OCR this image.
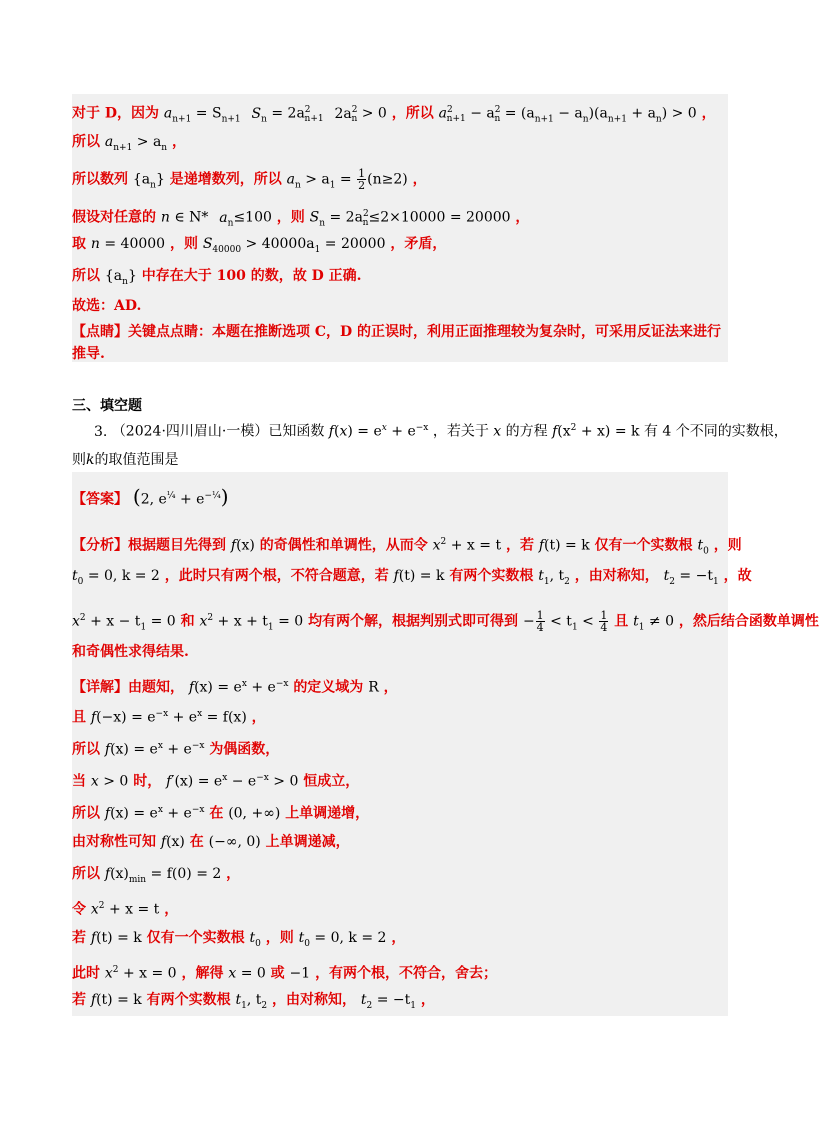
对于 D，因为 $a_{n+1} = S_{n+1}$ $S_n = 2a^2_{n+1}$ $2a^2_n > 0$ ，所以 $a^2_{n+1} - a^2_n = (a_{n+1} - a_n)(a_{n+1} + a_n) > 0$ ，
所以 $a_{n+1} > a_n$ ，
所以数列 $\{a_n\}$ 是递增数列，所以 $a_n > a_1 = \frac{1}{2} (n\ge 2)$ ，
假设对任意的 n ∈ N* $a_n\le 100$ ，则 $S_n = 2a^2_n\le 2\times 10000 = 20000$ ，
取 n = 40000 ，则 $S_{40000} > 40000a_1 = 20000$ ，矛盾，
所以 $\{a_n\}$ 中存在大于 100 的数，故 D 正确.
故选：AD.
【点睛】关键点点睛：本题在推断选项 C，D 的正误时，利用正面推理较为复杂时，可采用反证法来进行
推导.
三、填空题
3. （2024·四川眉山·一模）已知函数 $f(x) = e^x + e^{-x}$ ，若关于 x 的方程 $f(x^2 + x) = k$ 有 4 个不同的实数根，
则k的取值范围是
【答案】 (2, $e^{\frac{1}{4}} + e^{-\frac{1}{4}}$)
【分析】根据题目先得到 f(x) 的奇偶性和单调性，从而令 $x^2 + x = t$ ，若 f(t) = k 仅有一个实数根 $t_0$ ，则
$t_0 = 0$, k = 2 ，此时只有两个根，不符合题意，若 f(t) = k 有两个实数根 $t_1$, $t_2$ ，由对称知， $t_2 = -t_1$ ，故
$x^2 + x - t_1 = 0$ 和 $x^2 + x + t_1 = 0$ 均有两个解，根据判别式即可得到 − $\frac{1}{4} < t_1 < \frac{1}{4}$ 且 $t_1 \ne 0$ ，然后结合函数单调性
和奇偶性求得结果.
【详解】由题知， $f(x) = e^x + e^{-x}$ 的定义域为 R ，
且 $f(-x) = e^{-x} + e^x = f(x)$ ，
所以 $f(x) = e^x + e^{-x}$ 为偶函数，
当 x > 0 时， $f'(x) = e^x - e^{-x} > 0$ 恒成立，
所以 $f(x) = e^x + e^{-x}$ 在 (0, +∞) 上单调递增，
由对称性可知 f(x) 在 (−∞, 0) 上单调递减，
所以 $f(x)_{min} = f(0) = 2$ ，
令 $x^2 + x = t$ ，
若 f(t) = k 仅有一个实数根 $t_0$ ，则 $t_0 = 0$, k = 2 ，
此时 $x^2 + x = 0$ ，解得 x = 0 或 −1 ，有两个根，不符合，舍去；
若 f(t) = k 有两个实数根 $t_1$, $t_2$ ，由对称知， $t_2 = -t_1$ ，
